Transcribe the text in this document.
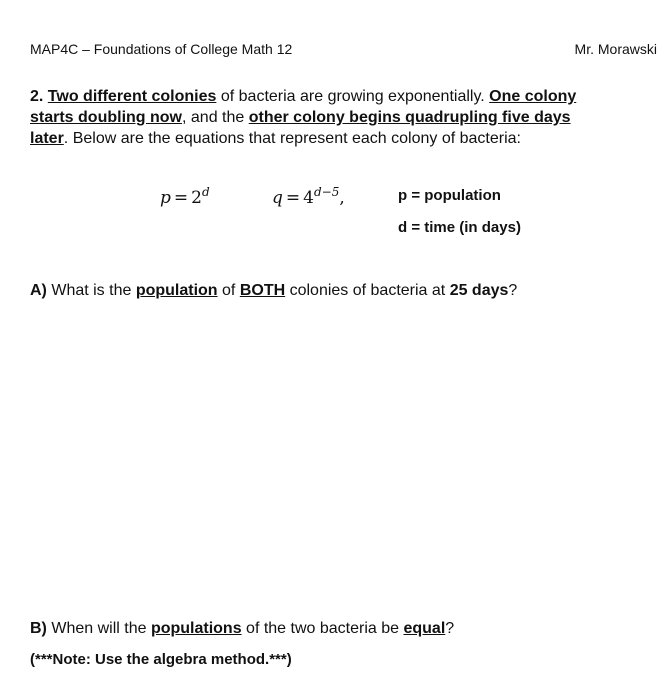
MAP4C – Foundations of College Math 12	Mr. Morawski
2. Two different colonies of bacteria are growing exponentially. One colony starts doubling now, and the other colony begins quadrupling five days later. Below are the equations that represent each colony of bacteria:
$p = 2^d$	$q = 4^{d-5}$,	p = population
d = time (in days)
A) What is the population of BOTH colonies of bacteria at 25 days?
B) When will the populations of the two bacteria be equal?
(***Note: Use the algebra method.***)
